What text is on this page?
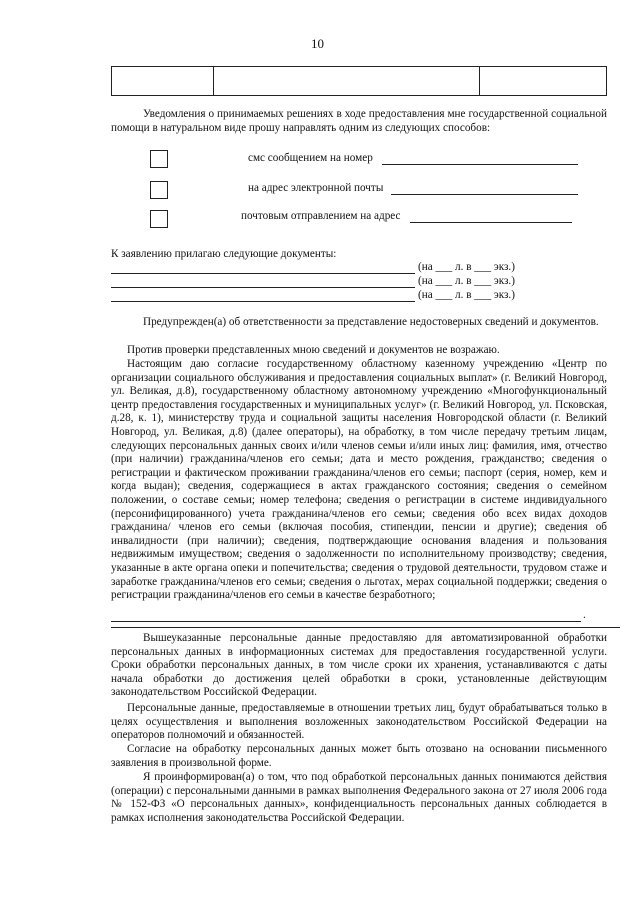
10

Уведомления о принимаемых решениях в ходе предоставления мне государственной социальной помощи в натуральном виде прошу направлять одним из следующих способов:

смс сообщением на номер
на адрес электронной почты
почтовым отправлением на адрес

К заявлению прилагаю следующие документы:

(на ___ л. в ___ экз.)
(на ___ л. в ___ экз.)
(на ___ л. в ___ экз.)

Предупрежден(а) об ответственности за представление недостоверных сведений и документов.

Против проверки представленных мною сведений и документов не возражаю.

Настоящим даю согласие государственному областному казенному учреждению «Центр по организации социального обслуживания и предоставления социальных выплат» (г. Великий Новгород, ул. Великая, д.8), государственному областному автономному учреждению «Многофункциональный центр предоставления государственных и муниципальных услуг» (г. Великий Новгород, ул. Псковская, д.28, к. 1), министерству труда и социальной защиты населения Новгородской области (г. Великий Новгород, ул. Великая, д.8) (далее операторы), на обработку, в том числе передачу третьим лицам, следующих персональных данных своих и/или членов семьи и/или иных лиц: фамилия, имя, отчество (при наличии) гражданина/членов его семьи; дата и место рождения, гражданство; сведения о регистрации и фактическом проживании гражданина/членов его семьи; паспорт (серия, номер, кем и когда выдан); сведения, содержащиеся в актах гражданского состояния; сведения о семейном положении, о составе семьи; номер телефона; сведения о регистрации в системе индивидуального (персонифицированного) учета гражданина/членов его семьи; сведения обо всех видах доходов гражданина/ членов его семьи (включая пособия, стипендии, пенсии и другие); сведения об инвалидности (при наличии); сведения, подтверждающие основания владения и пользования недвижимым имуществом; сведения о задолженности по исполнительному производству; сведения, указанные в акте органа опеки и попечительства; сведения о трудовой деятельности, трудовом стаже и заработке гражданина/членов его семьи; сведения о льготах, мерах социальной поддержки; сведения о регистрации гражданина/членов его семьи в качестве безработного;

.

Вышеуказанные персональные данные предоставляю для автоматизированной обработки персональных данных в информационных системах для предоставления государственной услуги. Сроки обработки персональных данных, в том числе сроки их хранения, устанавливаются с даты начала обработки до достижения целей обработки в сроки, установленные действующим законодательством Российской Федерации.

Персональные данные, предоставляемые в отношении третьих лиц, будут обрабатываться только в целях осуществления и выполнения возложенных законодательством Российской Федерации на операторов полномочий и обязанностей.

Согласие на обработку персональных данных может быть отозвано на основании письменного заявления в произвольной форме.

Я проинформирован(а) о том, что под обработкой персональных данных понимаются действия (операции) с персональными данными в рамках выполнения Федерального закона от 27 июля 2006 года № 152-ФЗ «О персональных данных», конфиденциальность персональных данных соблюдается в рамках исполнения законодательства Российской Федерации.
